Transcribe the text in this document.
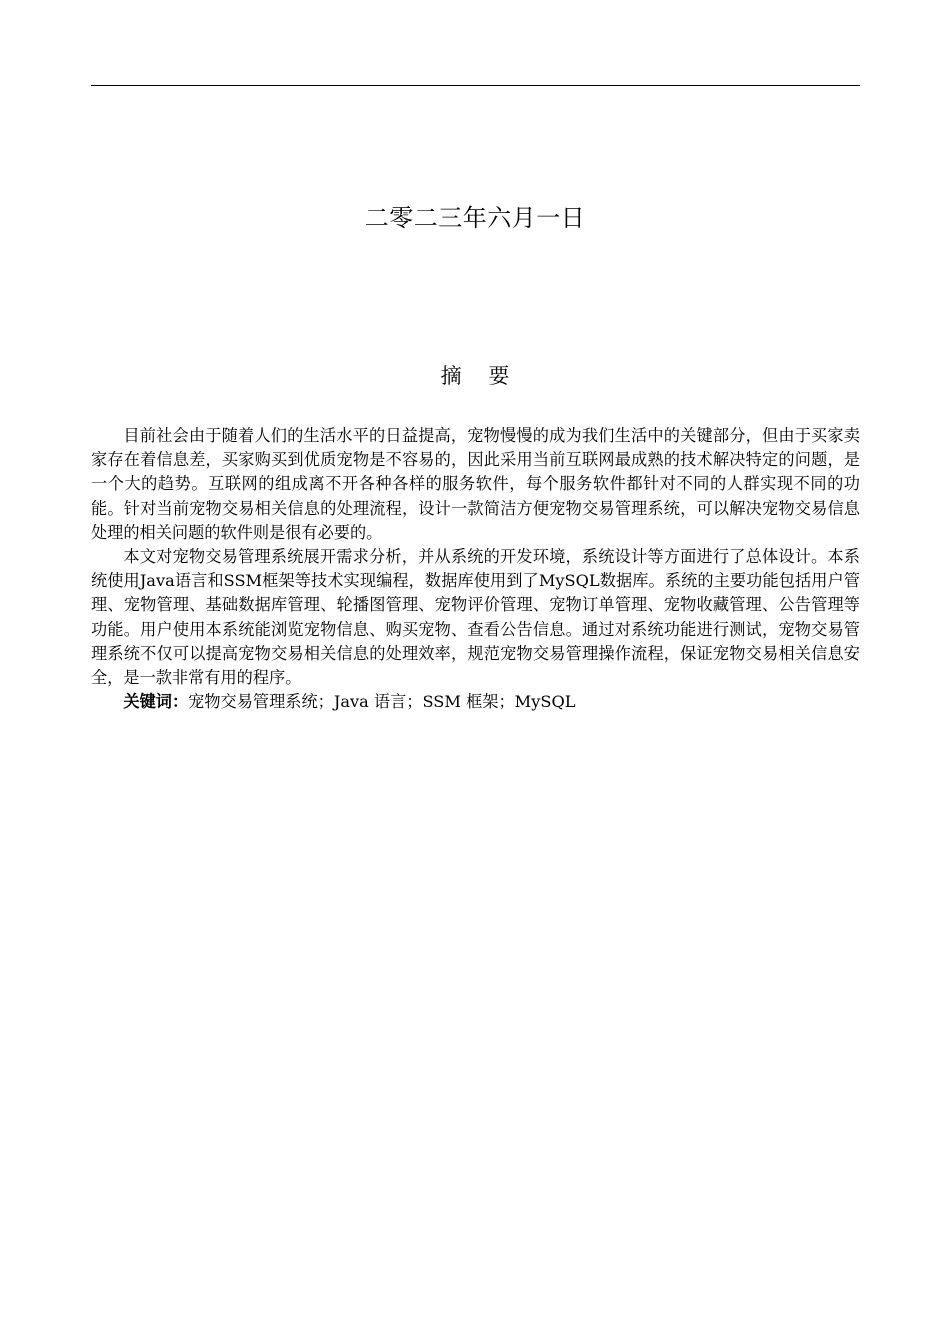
二零二三年六月一日
摘 要

目前社会由于随着人们的生活水平的日益提高，宠物慢慢的成为我们生活中的关键部分，但由于买家卖家存在着信息差，买家购买到优质宠物是不容易的，因此采用当前互联网最成熟的技术解决特定的问题，是一个大的趋势。互联网的组成离不开各种各样的服务软件，每个服务软件都针对不同的人群实现不同的功能。针对当前宠物交易相关信息的处理流程，设计一款简洁方便宠物交易管理系统，可以解决宠物交易信息处理的相关问题的软件则是很有必要的。

本文对宠物交易管理系统展开需求分析，并从系统的开发环境，系统设计等方面进行了总体设计。本系统使用Java语言和SSM框架等技术实现编程，数据库使用到了MySQL数据库。系统的主要功能包括用户管理、宠物管理、基础数据库管理、轮播图管理、宠物评价管理、宠物订单管理、宠物收藏管理、公告管理等功能。用户使用本系统能浏览宠物信息、购买宠物、查看公告信息。通过对系统功能进行测试，宠物交易管理系统不仅可以提高宠物交易相关信息的处理效率，规范宠物交易管理操作流程，保证宠物交易相关信息安全，是一款非常有用的程序。

关键词：宠物交易管理系统；Java 语言；SSM 框架；MySQL
